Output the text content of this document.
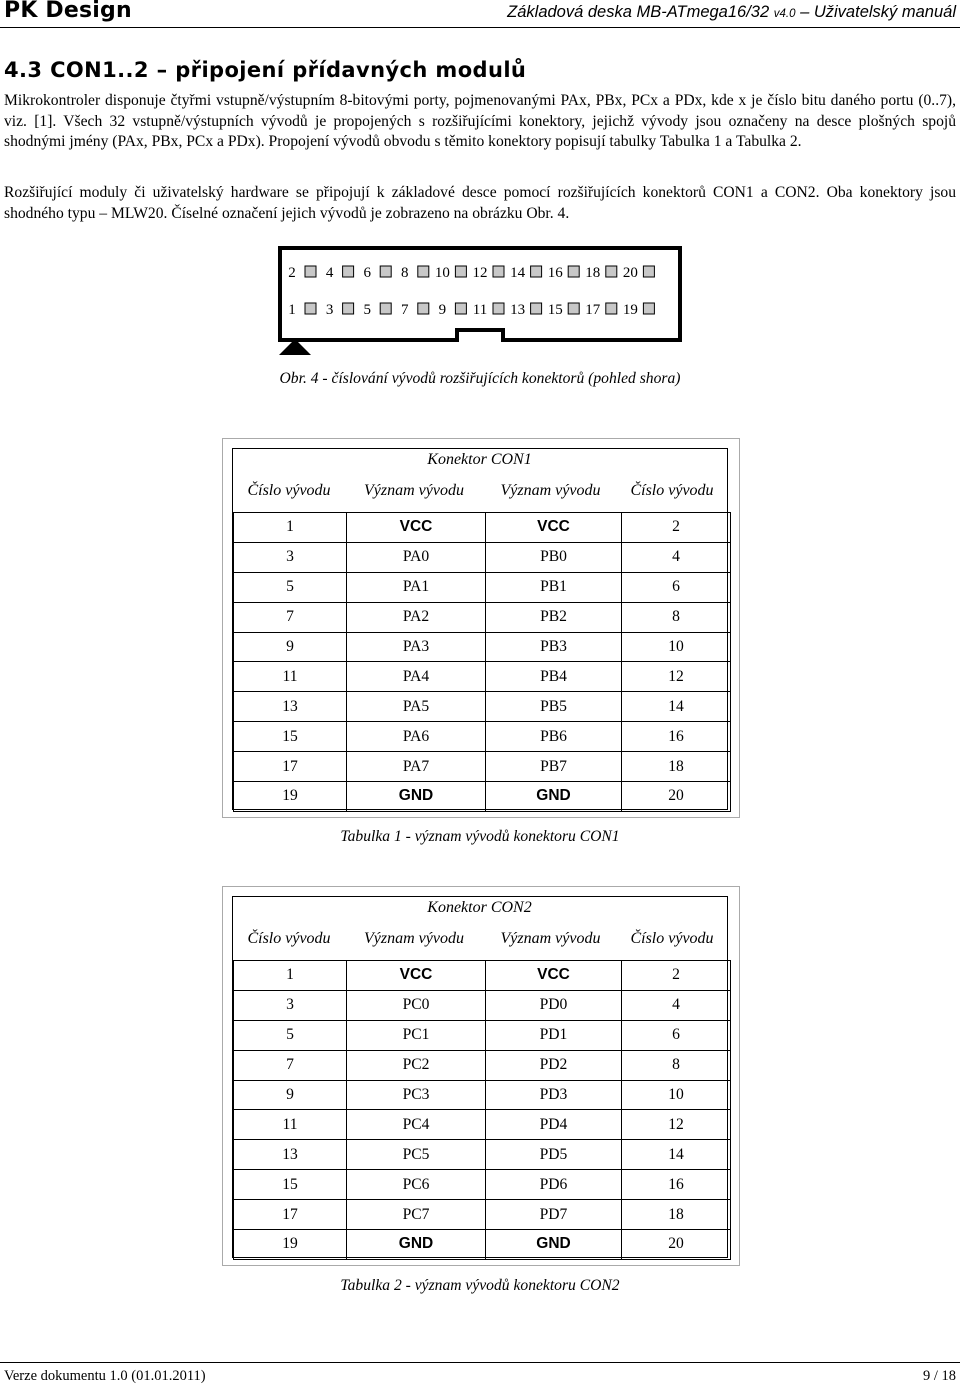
PK Design	Základová deska MB-ATmega16/32 v4.0 – Uživatelský manuál
4.3 CON1..2 – připojení přídavných modulů

Mikrokontroler disponuje čtyřmi vstupně/výstupním 8-bitovými porty, pojmenovanými PAx, PBx, PCx a PDx, kde x je číslo bitu daného portu (0..7), viz. [1]. Všech 32 vstupně/výstupních vývodů je propojených s rozšiřujícími konektory, jejichž vývody jsou označeny na desce plošných spojů shodnými jmény (PAx, PBx, PCx a PDx). Propojení vývodů obvodu s těmito konektory popisují tabulky Tabulka 1 a Tabulka 2.

Rozšiřující moduly či uživatelský hardware se připojují k základové desce pomocí rozšiřujících konektorů CON1 a CON2. Oba konektory jsou shodného typu – MLW20. Číselné označení jejich vývodů je zobrazeno na obrázku Obr. 4.

2 4 6 8 10 12 14 16 18 20
1 3 5 7 9 11 13 15 17 19
Obr. 4 - číslování vývodů rozšiřujících konektorů (pohled shora)
Konektor CON1
Číslo vývodu	Význam vývodu	Význam vývodu	Číslo vývodu
1	VCC	VCC	2
3	PA0	PB0	4
5	PA1	PB1	6
7	PA2	PB2	8
9	PA3	PB3	10
11	PA4	PB4	12
13	PA5	PB5	14
15	PA6	PB6	16
17	PA7	PB7	18
19	GND	GND	20
Tabulka 1 - význam vývodů konektoru CON1
Konektor CON2
Číslo vývodu	Význam vývodu	Význam vývodu	Číslo vývodu
1	VCC	VCC	2
3	PC0	PD0	4
5	PC1	PD1	6
7	PC2	PD2	8
9	PC3	PD3	10
11	PC4	PD4	12
13	PC5	PD5	14
15	PC6	PD6	16
17	PC7	PD7	18
19	GND	GND	20
Tabulka 2 - význam vývodů konektoru CON2
Verze dokumentu 1.0 (01.01.2011)	9 / 18
